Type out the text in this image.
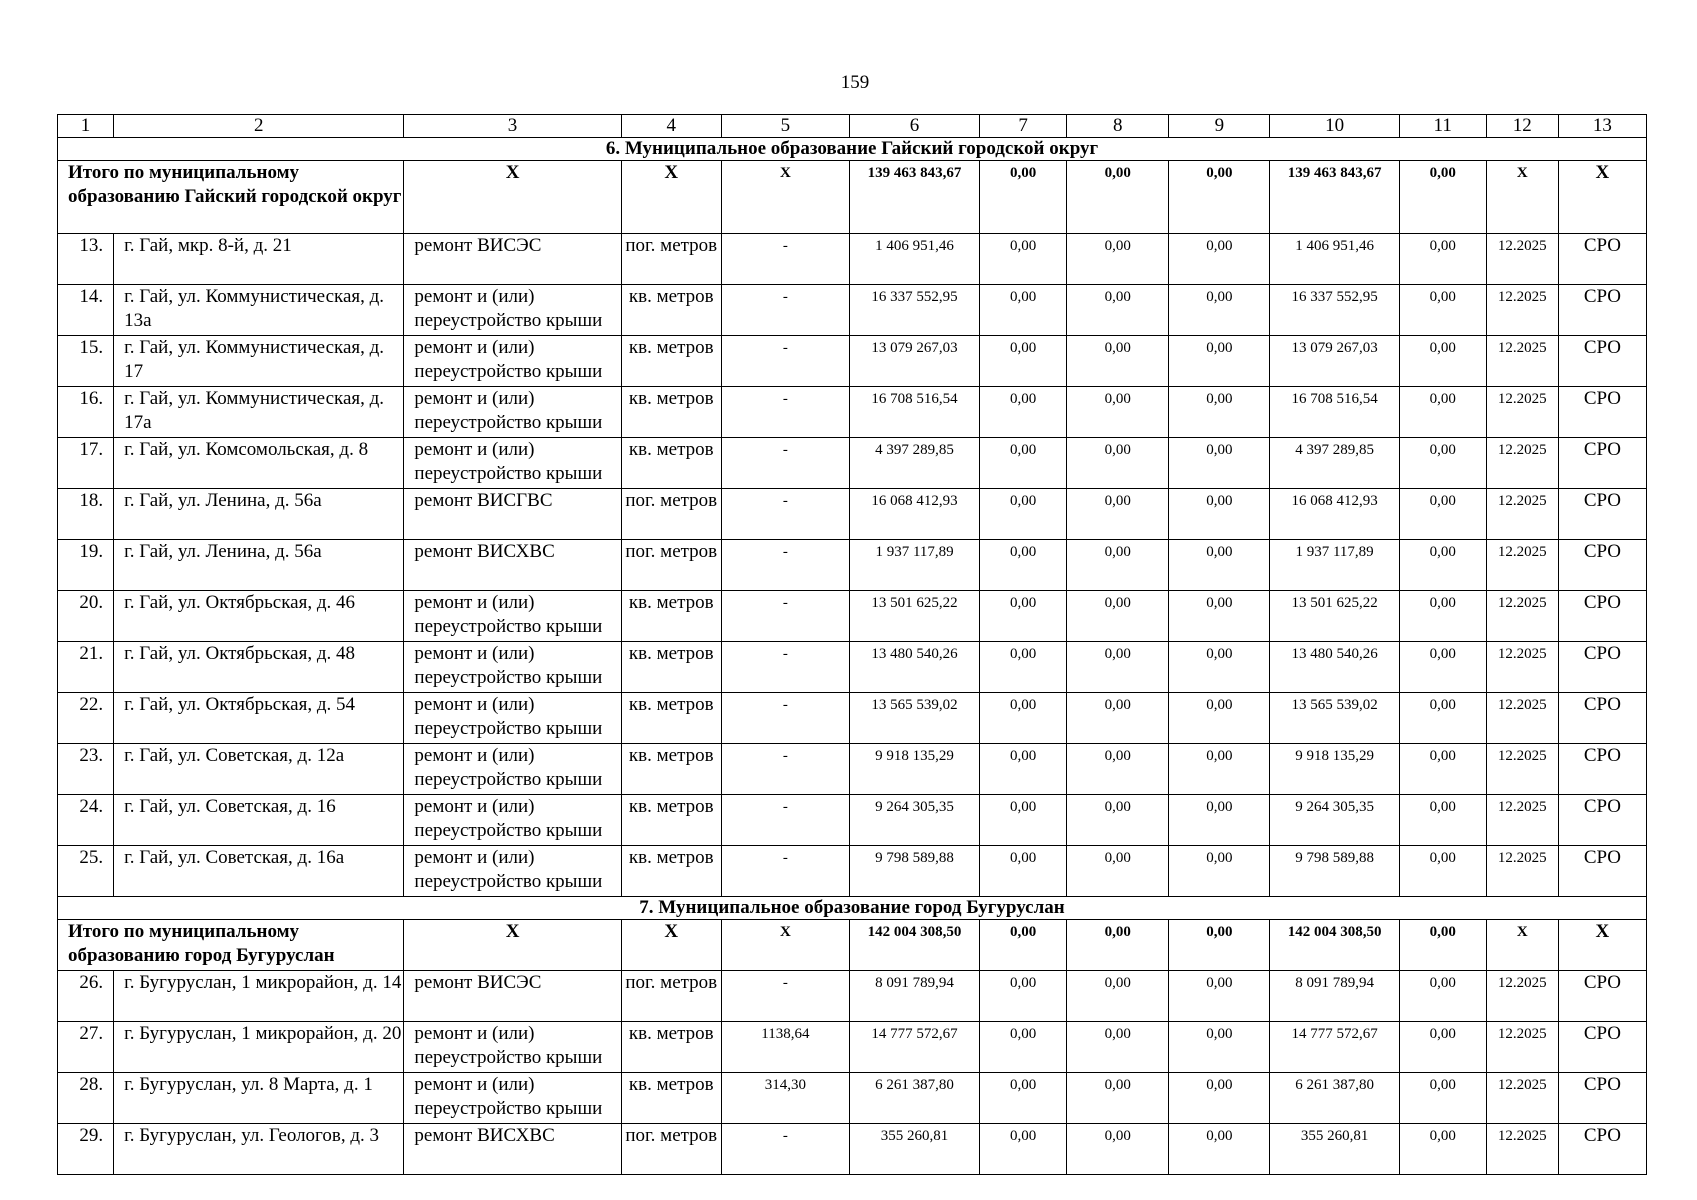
159
1	2	3	4	5	6	7	8	9	10	11	12	13
6. Муниципальное образование Гайский городской округ												
Итого по муниципальному образованию Гайский городской округ		X	X	X	139 463 843,67	0,00	0,00	0,00	139 463 843,67	0,00	X	X
13.	г. Гай, мкр. 8-й, д. 21	ремонт ВИСЭС	пог. метров	-	1 406 951,46	0,00	0,00	0,00	1 406 951,46	0,00	12.2025	СРО
14.	г. Гай, ул. Коммунистическая, д. 13а	ремонт и (или) переустройство крыши	кв. метров	-	16 337 552,95	0,00	0,00	0,00	16 337 552,95	0,00	12.2025	СРО
15.	г. Гай, ул. Коммунистическая, д. 17	ремонт и (или) переустройство крыши	кв. метров	-	13 079 267,03	0,00	0,00	0,00	13 079 267,03	0,00	12.2025	СРО
16.	г. Гай, ул. Коммунистическая, д. 17а	ремонт и (или) переустройство крыши	кв. метров	-	16 708 516,54	0,00	0,00	0,00	16 708 516,54	0,00	12.2025	СРО
17.	г. Гай, ул. Комсомольская, д. 8	ремонт и (или) переустройство крыши	кв. метров	-	4 397 289,85	0,00	0,00	0,00	4 397 289,85	0,00	12.2025	СРО
18.	г. Гай, ул. Ленина, д. 56а	ремонт ВИСГВС	пог. метров	-	16 068 412,93	0,00	0,00	0,00	16 068 412,93	0,00	12.2025	СРО
19.	г. Гай, ул. Ленина, д. 56а	ремонт ВИСХВС	пог. метров	-	1 937 117,89	0,00	0,00	0,00	1 937 117,89	0,00	12.2025	СРО
20.	г. Гай, ул. Октябрьская, д. 46	ремонт и (или) переустройство крыши	кв. метров	-	13 501 625,22	0,00	0,00	0,00	13 501 625,22	0,00	12.2025	СРО
21.	г. Гай, ул. Октябрьская, д. 48	ремонт и (или) переустройство крыши	кв. метров	-	13 480 540,26	0,00	0,00	0,00	13 480 540,26	0,00	12.2025	СРО
22.	г. Гай, ул. Октябрьская, д. 54	ремонт и (или) переустройство крыши	кв. метров	-	13 565 539,02	0,00	0,00	0,00	13 565 539,02	0,00	12.2025	СРО
23.	г. Гай, ул. Советская, д. 12а	ремонт и (или) переустройство крыши	кв. метров	-	9 918 135,29	0,00	0,00	0,00	9 918 135,29	0,00	12.2025	СРО
24.	г. Гай, ул. Советская, д. 16	ремонт и (или) переустройство крыши	кв. метров	-	9 264 305,35	0,00	0,00	0,00	9 264 305,35	0,00	12.2025	СРО
25.	г. Гай, ул. Советская, д. 16а	ремонт и (или) переустройство крыши	кв. метров	-	9 798 589,88	0,00	0,00	0,00	9 798 589,88	0,00	12.2025	СРО
7. Муниципальное образование город Бугуруслан												
Итого по муниципальному образованию город Бугуруслан		X	X	X	142 004 308,50	0,00	0,00	0,00	142 004 308,50	0,00	X	X
26.	г. Бугуруслан, 1 микрорайон, д. 14	ремонт ВИСЭС	пог. метров	-	8 091 789,94	0,00	0,00	0,00	8 091 789,94	0,00	12.2025	СРО
27.	г. Бугуруслан, 1 микрорайон, д. 20	ремонт и (или) переустройство крыши	кв. метров	1138,64	14 777 572,67	0,00	0,00	0,00	14 777 572,67	0,00	12.2025	СРО
28.	г. Бугуруслан, ул. 8 Марта, д. 1	ремонт и (или) переустройство крыши	кв. метров	314,30	6 261 387,80	0,00	0,00	0,00	6 261 387,80	0,00	12.2025	СРО
29.	г. Бугуруслан, ул. Геологов, д. 3	ремонт ВИСХВС	пог. метров	-	355 260,81	0,00	0,00	0,00	355 260,81	0,00	12.2025	СРО
